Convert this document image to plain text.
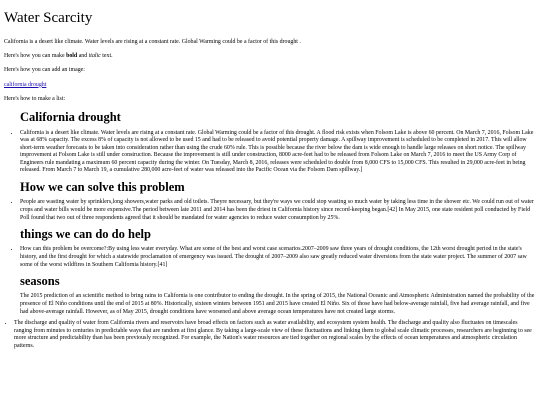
Water Scarcity

California is a desert like climate. Water levels are rising at a constant rate. Global Warming could be a factor of this drought .

Here's how you can make bold and italic text.

Here's how you can add an image:

california drought

Here's how to make a list:

California drought
• California is a desert like climate. Water levels are rising at a constant rate. Global Warming could be a factor of this drought. A flood risk exists when Folsom Lake is above 60 percent. On March 7, 2016, Folsom Lake was at 68% capacity. The excess 8% of capacity is not allowed to be used 15 and had to be released to avoid potential property damage. A spillway improvement is scheduled to be completed in 2017. This will allow short-term weather forecasts to be taken into consideration rather than using the crude 60% rule. This is possible because the river below the dam is wide enough to handle large releases on short notice. The spillway improvement at Folsom Lake is still under construction. Because the improvement is still under construction, 8000 acre-feet had to be released from Folsom Lake on March 7, 2016 to meet the US Army Corp of Engineers rule mandating a maximum 60 percent capacity during the winter. On Tuesday, March 8, 2016, releases were scheduled to double from 8,000 CFS to 15,000 CFS. This resulted in 29,000 acre-feet in being released. From March 7 to March 19, a cumulative 280,000 acre-feet of water was released into the Pacific Ocean via the Folsom Dam spillway.]
How we can solve this problem
• People are wasting water by sprinklers,long showers,water parks and old toilets. Theyre necessary, but they're ways we could stop wasting so much water by taking less time in the shower etc. We could run out of water crops and water bills would be more expensive.The period between late 2011 and 2014 has been the driest in California history since record-keeping began.[42] In May 2015, one state resident poll conducted by Field Poll found that two out of three respondents agreed that it should be mandated for water agencies to reduce water consumption by 25%.
things we can do do help
• How can this problem be overcome?:By using less water everyday. What are some of the best and worst case scenarios.2007–2009 saw three years of drought conditions, the 12th worst drought period in the state's history, and the first drought for which a statewide proclamation of emergency was issued. The drought of 2007–2009 also saw greatly reduced water diversions from the state water project. The summer of 2007 saw some of the worst wildfires in Southern California history.[41]
seasons
The 2015 prediction of an scientific method to bring rains to California is one contributor to ending the drought. In the spring of 2015, the National Oceanic and Atmospheric Administration named the probability of the presence of El Niño conditions until the end of 2015 at 80%. Historically, sixteen winters between 1951 and 2015 have created El Niño. Six of those have had below-average rainfall, five had average rainfall, and five had above-average rainfall. However, as of May 2015, drought conditions have worsened and above average ocean temperatures have not created large storms.
• The discharge and quality of water from California rivers and reservoirs have broad effects on factors such as water availability, and ecosystem system health. The discharge and quality also fluctuates on timescales ranging from minutes to centuries in predictable ways that are random at first glance. By taking a large-scale view of these fluctuations and linking them to global scale climatic processes, researchers are beginning to see more structure and predictability than has been previously recognized. For example, the Nation's water resources are tied together on regional scales by the effects of ocean temperatures and atmospheric circulation patterns.
